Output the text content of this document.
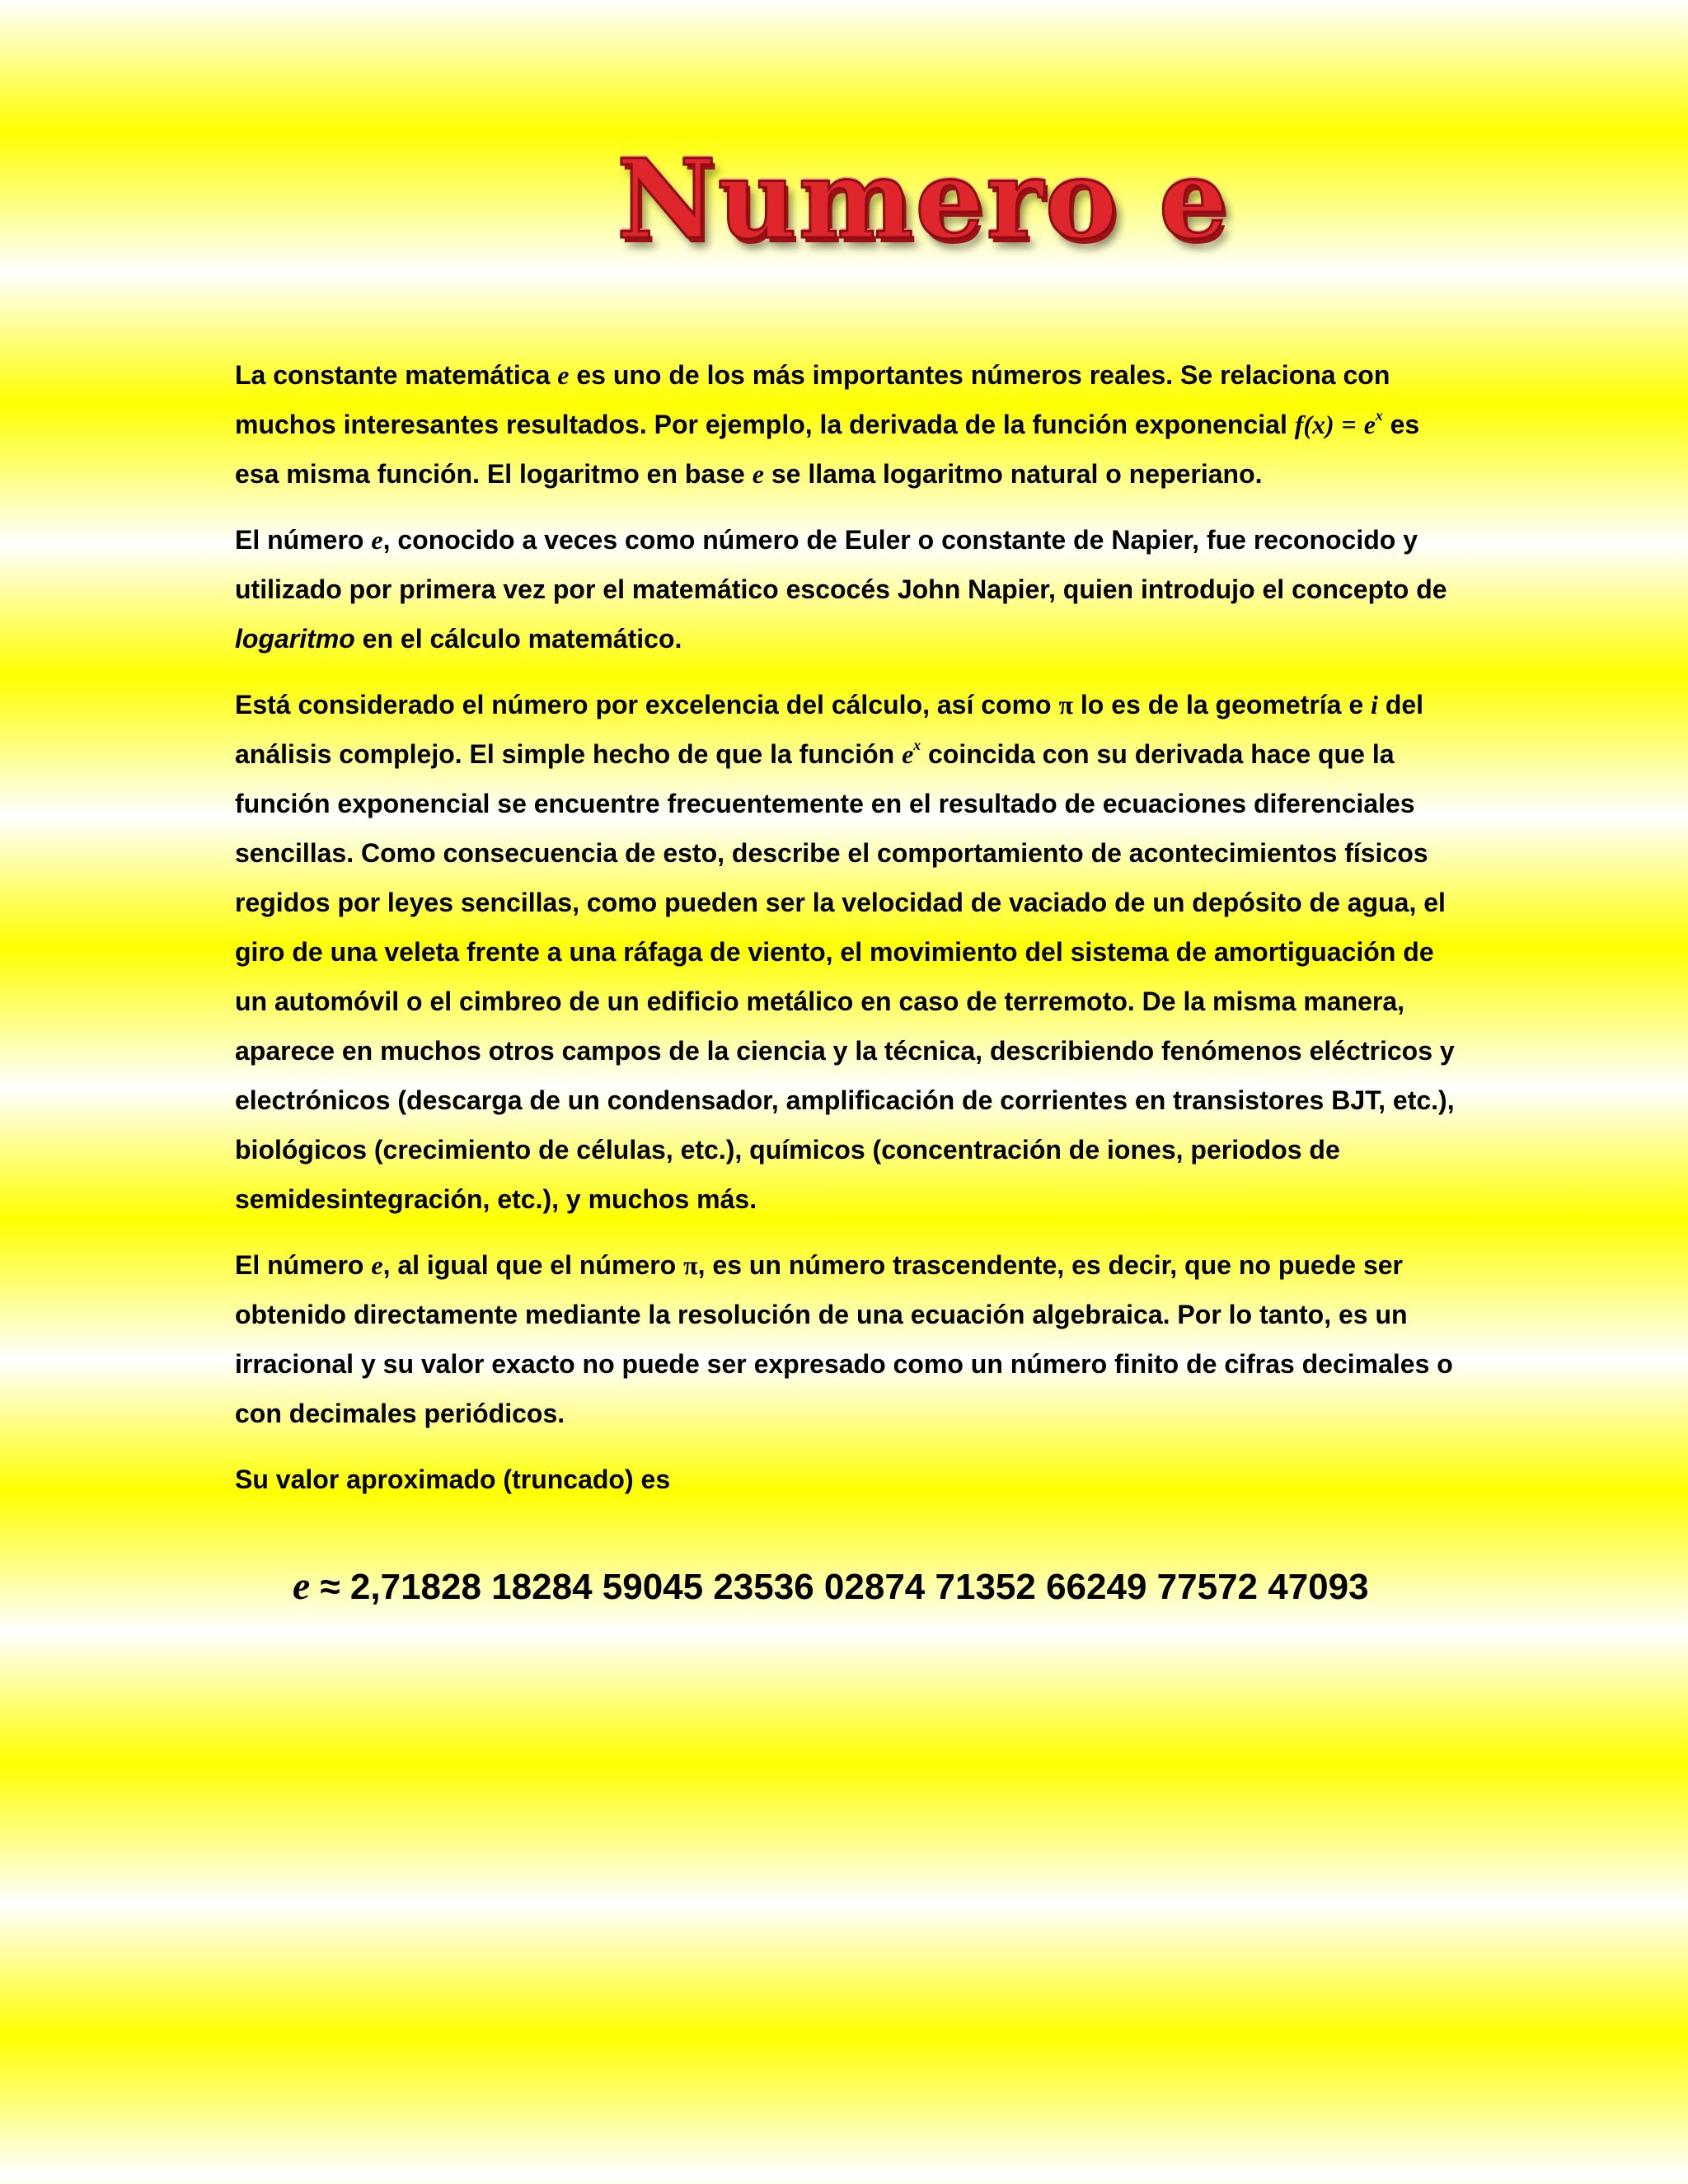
Numero e

La constante matemática e es uno de los más importantes números reales. Se relaciona con muchos interesantes resultados. Por ejemplo, la derivada de la función exponencial $f(x) = e^x$ es esa misma función. El logaritmo en base e se llama logaritmo natural o neperiano.

El número e, conocido a veces como número de Euler o constante de Napier, fue reconocido y utilizado por primera vez por el matemático escocés John Napier, quien introdujo el concepto de logaritmo en el cálculo matemático.

Está considerado el número por excelencia del cálculo, así como π lo es de la geometría e i del análisis complejo. El simple hecho de que la función $e^x$ coincida con su derivada hace que la función exponencial se encuentre frecuentemente en el resultado de ecuaciones diferenciales sencillas. Como consecuencia de esto, describe el comportamiento de acontecimientos físicos regidos por leyes sencillas, como pueden ser la velocidad de vaciado de un depósito de agua, el giro de una veleta frente a una ráfaga de viento, el movimiento del sistema de amortiguación de un automóvil o el cimbreo de un edificio metálico en caso de terremoto. De la misma manera, aparece en muchos otros campos de la ciencia y la técnica, describiendo fenómenos eléctricos y electrónicos (descarga de un condensador, amplificación de corrientes en transistores BJT, etc.), biológicos (crecimiento de células, etc.), químicos (concentración de iones, periodos de semidesintegración, etc.), y muchos más.

El número e, al igual que el número π, es un número trascendente, es decir, que no puede ser obtenido directamente mediante la resolución de una ecuación algebraica. Por lo tanto, es un irracional y su valor exacto no puede ser expresado como un número finito de cifras decimales o con decimales periódicos.

Su valor aproximado (truncado) es

e ≈ 2,71828 18284 59045 23536 02874 71352 66249 77572 47093
